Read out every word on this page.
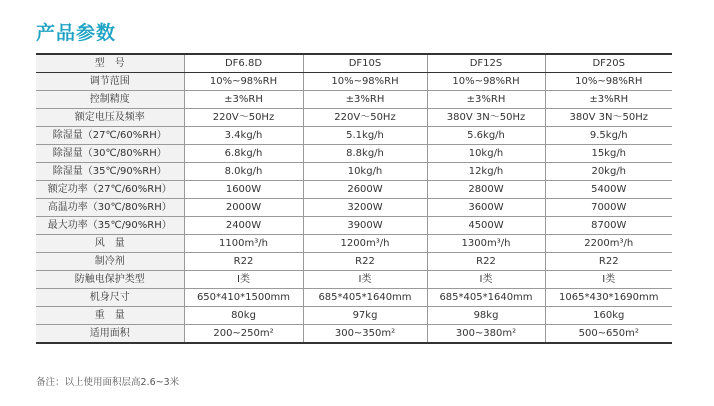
产品参数
型　号	DF6.8D	DF10S	DF12S	DF20S
调节范围	10%~98%RH	10%~98%RH	10%~98%RH	10%~98%RH
控制精度	±3%RH	±3%RH	±3%RH	±3%RH
额定电压及频率	220V～50Hz	220V～50Hz	380V 3N～50Hz	380V 3N～50Hz
除湿量（27℃/60%RH）	3.4kg/h	5.1kg/h	5.6kg/h	9.5kg/h
除湿量（30℃/80%RH）	6.8kg/h	8.8kg/h	10kg/h	15kg/h
除湿量（35℃/90%RH）	8.0kg/h	10kg/h	12kg/h	20kg/h
额定功率（27℃/60%RH）	1600W	2600W	2800W	5400W
高温功率（30℃/80%RH）	2000W	3200W	3600W	7000W
最大功率（35℃/90%RH）	2400W	3900W	4500W	8700W
风　量	1100m³/h	1200m³/h	1300m³/h	2200m³/h
制冷剂	R22	R22	R22	R22
防触电保护类型	Ⅰ类	Ⅰ类	Ⅰ类	Ⅰ类
机身尺寸	650*410*1500mm	685*405*1640mm	685*405*1640mm	1065*430*1690mm
重　量	80kg	97kg	98kg	160kg
适用面积	200~250m²	300~350m²	300~380m²	500~650m²
备注：以上使用面积层高2.6~3米
